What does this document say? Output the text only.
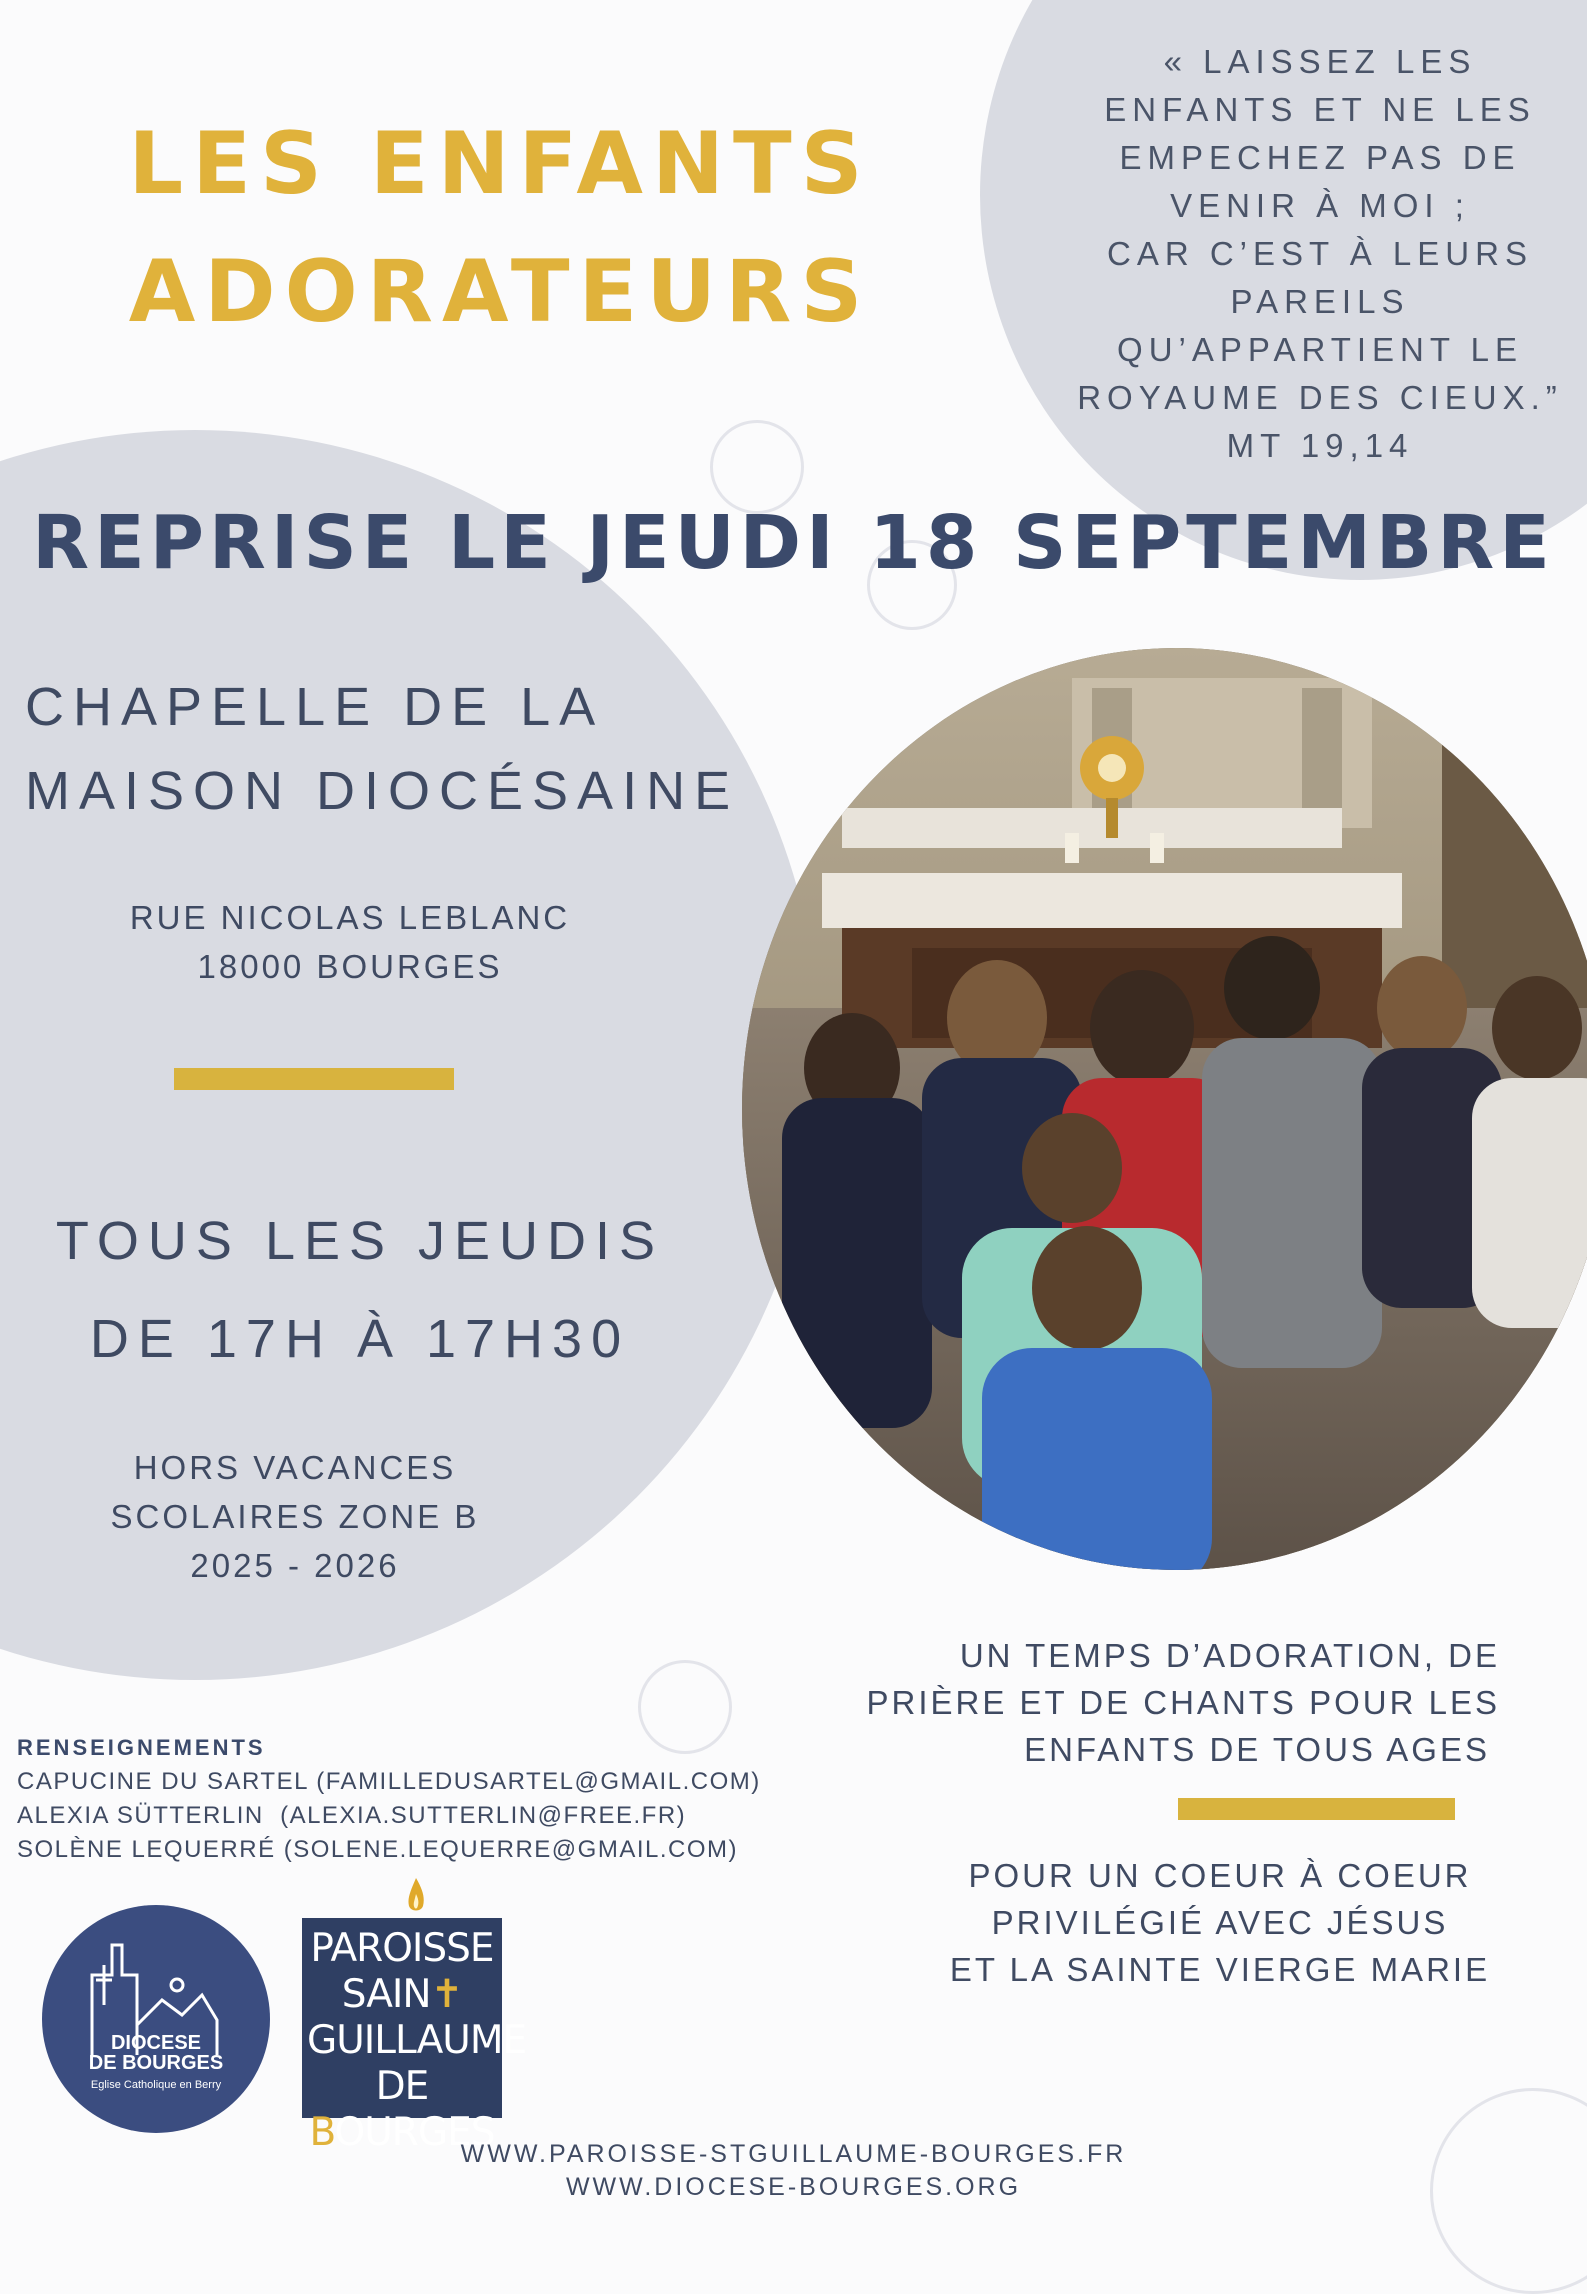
LES ENFANTS
ADORATEURS
« LAISSEZ LES
ENFANTS ET NE LES
EMPECHEZ PAS DE
VENIR À MOI ;
CAR C’EST À LEURS
PAREILS
QU’APPARTIENT LE
ROYAUME DES CIEUX.”
MT 19,14
REPRISE LE JEUDI 18 SEPTEMBRE
CHAPELLE DE LA
MAISON DIOCÉSAINE
RUE NICOLAS LEBLANC
18000 BOURGES
TOUS LES JEUDIS
DE 17H À 17H30
HORS VACANCES
SCOLAIRES ZONE B
2025 - 2026
UN TEMPS D’ADORATION, DE
PRIÈRE ET DE CHANTS POUR LES
ENFANTS DE TOUS AGES
POUR UN COEUR À COEUR
PRIVILÉGIÉ AVEC JÉSUS
ET LA SAINTE VIERGE MARIE
RENSEIGNEMENTS
CAPUCINE DU SARTEL (FAMILLEDUSARTEL@GMAIL.COM)
ALEXIA SÜTTERLIN  (ALEXIA.SUTTERLIN@FREE.FR)
SOLÈNE LEQUERRÉ (SOLENE.LEQUERRE@GMAIL.COM)
DIOCESE
DE BOURGES
Eglise Catholique en Berry
PAROISSE
SAIN✝
GUILLAUME
DE BOURGES
WWW.PAROISSE-STGUILLAUME-BOURGES.FR
WWW.DIOCESE-BOURGES.ORG
